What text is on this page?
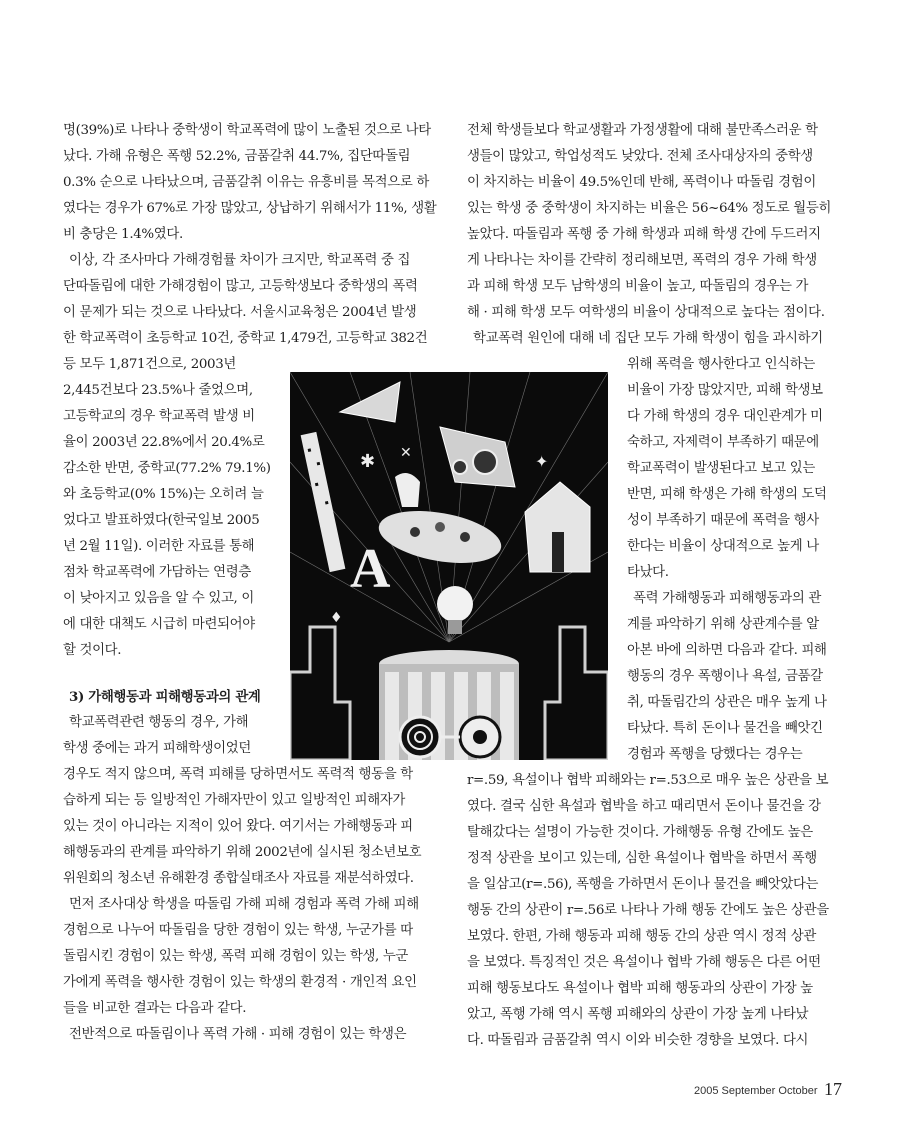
명(39%)로 나타나 중학생이 학교폭력에 많이 노출된 것으로 나타
났다. 가해 유형은 폭행 52.2%, 금품갈취 44.7%, 집단따돌림
0.3% 순으로 나타났으며, 금품갈취 이유는 유흥비를 목적으로 하
였다는 경우가 67%로 가장 많았고, 상납하기 위해서가 11%, 생활
비 충당은 1.4%였다.
이상, 각 조사마다 가해경험률 차이가 크지만, 학교폭력 중 집
단따돌림에 대한 가해경험이 많고, 고등학생보다 중학생의 폭력
이 문제가 되는 것으로 나타났다. 서울시교육청은 2004년 발생
한 학교폭력이 초등학교 10건, 중학교 1,479건, 고등학교 382건
등 모두 1,871건으로, 2003년
2,445건보다 23.5%나 줄었으며,
고등학교의 경우 학교폭력 발생 비
율이 2003년 22.8%에서 20.4%로
감소한 반면, 중학교(77.2% 79.1%)
와 초등학교(0% 15%)는 오히려 늘
었다고 발표하였다(한국일보 2005
년 2월 11일). 이러한 자료를 통해
점차 학교폭력에 가담하는 연령층
이 낮아지고 있음을 알 수 있고, 이
에 대한 대책도 시급히 마련되어야
할 것이다.
3) 가해행동과 피해행동과의 관계
학교폭력관련 행동의 경우, 가해
학생 중에는 과거 피해학생이었던
경우도 적지 않으며, 폭력 피해를 당하면서도 폭력적 행동을 학
습하게 되는 등 일방적인 가해자만이 있고 일방적인 피해자가
있는 것이 아니라는 지적이 있어 왔다. 여기서는 가해행동과 피
해행동과의 관계를 파악하기 위해 2002년에 실시된 청소년보호
위원회의 청소년 유해환경 종합실태조사 자료를 재분석하였다.
먼저 조사대상 학생을 따돌림 가해 피해 경험과 폭력 가해 피해
경험으로 나누어 따돌림을 당한 경험이 있는 학생, 누군가를 따
돌림시킨 경험이 있는 학생, 폭력 피해 경험이 있는 학생, 누군
가에게 폭력을 행사한 경험이 있는 학생의 환경적 · 개인적 요인
들을 비교한 결과는 다음과 같다.
전반적으로 따돌림이나 폭력 가해 · 피해 경험이 있는 학생은
전체 학생들보다 학교생활과 가정생활에 대해 불만족스러운 학
생들이 많았고, 학업성적도 낮았다. 전체 조사대상자의 중학생
이 차지하는 비율이 49.5%인데 반해, 폭력이나 따돌림 경험이
있는 학생 중 중학생이 차지하는 비율은 56~64% 정도로 월등히
높았다. 따돌림과 폭행 중 가해 학생과 피해 학생 간에 두드러지
게 나타나는 차이를 간략히 정리해보면, 폭력의 경우 가해 학생
과 피해 학생 모두 남학생의 비율이 높고, 따돌림의 경우는 가
해 · 피해 학생 모두 여학생의 비율이 상대적으로 높다는 점이다.
학교폭력 원인에 대해 네 집단 모두 가해 학생이 힘을 과시하기
위해 폭력을 행사한다고 인식하는
비율이 가장 많았지만, 피해 학생보
다 가해 학생의 경우 대인관계가 미
숙하고, 자제력이 부족하기 때문에
학교폭력이 발생된다고 보고 있는
반면, 피해 학생은 가해 학생의 도덕
성이 부족하기 때문에 폭력을 행사
한다는 비율이 상대적으로 높게 나
타났다.
폭력 가해행동과 피해행동과의 관
계를 파악하기 위해 상관계수를 알
아본 바에 의하면 다음과 같다. 피해
행동의 경우 폭행이나 욕설, 금품갈
취, 따돌림간의 상관은 매우 높게 나
타났다. 특히 돈이나 물건을 빼앗긴
경험과 폭행을 당했다는 경우는
r=.59, 욕설이나 협박 피해와는 r=.53으로 매우 높은 상관을 보
였다. 결국 심한 욕설과 협박을 하고 때리면서 돈이나 물건을 강
탈해갔다는 설명이 가능한 것이다. 가해행동 유형 간에도 높은
정적 상관을 보이고 있는데, 심한 욕설이나 협박을 하면서 폭행
을 일삼고(r=.56), 폭행을 가하면서 돈이나 물건을 빼앗았다는
행동 간의 상관이 r=.56로 나타나 가해 행동 간에도 높은 상관을
보였다. 한편, 가해 행동과 피해 행동 간의 상관 역시 정적 상관
을 보였다. 특징적인 것은 욕설이나 협박 가해 행동은 다른 어떤
피해 행동보다도 욕설이나 협박 피해 행동과의 상관이 가장 높
았고, 폭행 가해 역시 폭행 피해와의 상관이 가장 높게 나타났
다. 따돌림과 금품갈취 역시 이와 비슷한 경향을 보였다. 다시
A
✱ ✕	✦
♦
2005 September October 17
